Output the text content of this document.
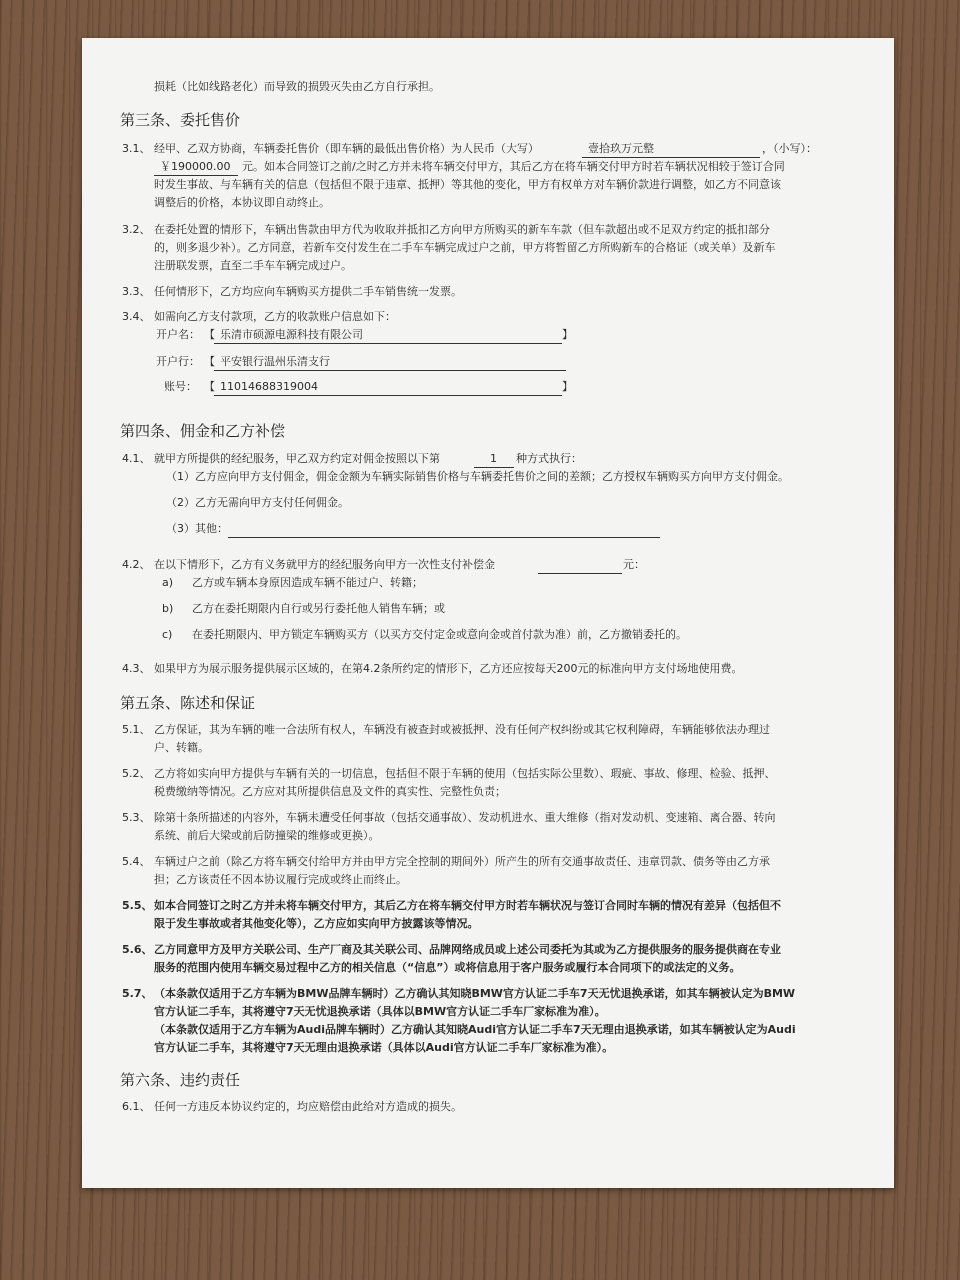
损耗（比如线路老化）而导致的损毁灭失由乙方自行承担。
第三条、委托售价
3.1、 经甲、乙双方协商，车辆委托售价（即车辆的最低出售价格）为人民币（大写）	壹拾玖万元整	，（小写）：
￥190000.00 元。如本合同签订之前/之时乙方并未将车辆交付甲方，其后乙方在将车辆交付甲方时若车辆状况相较于签订合同
时发生事故、与车辆有关的信息（包括但不限于违章、抵押）等其他的变化，甲方有权单方对车辆价款进行调整，如乙方不同意该
调整后的价格，本协议即自动终止。
3.2、 在委托处置的情形下，车辆出售款由甲方代为收取并抵扣乙方向甲方所购买的新车车款（但车款超出或不足双方约定的抵扣部分
的，则多退少补）。乙方同意，若新车交付发生在二手车车辆完成过户之前，甲方将暂留乙方所购新车的合格证（或关单）及新车
注册联发票，直至二手车车辆完成过户。
3.3、 任何情形下，乙方均应向车辆购买方提供二手车销售统一发票。
3.4、 如需向乙方支付款项，乙方的收款账户信息如下：
开户名： 【 乐清市硕源电源科技有限公司	】
开户行： 【 平安银行温州乐清支行
账号： 【 11014688319004	】
第四条、佣金和乙方补偿
4.1、 就甲方所提供的经纪服务，甲乙双方约定对佣金按照以下第	1 种方式执行：
（1）乙方应向甲方支付佣金，佣金金额为车辆实际销售价格与车辆委托售价之间的差额；乙方授权车辆购买方向甲方支付佣金。
（2）乙方无需向甲方支付任何佣金。
（3）其他：
4.2、 在以下情形下，乙方有义务就甲方的经纪服务向甲方一次性支付补偿金	元：
a) 乙方或车辆本身原因造成车辆不能过户、转籍；
b) 乙方在委托期限内自行或另行委托他人销售车辆；或
c) 在委托期限内、甲方锁定车辆购买方（以买方交付定金或意向金或首付款为准）前，乙方撤销委托的。
4.3、 如果甲方为展示服务提供展示区域的，在第4.2条所约定的情形下，乙方还应按每天200元的标准向甲方支付场地使用费。
第五条、陈述和保证
5.1、 乙方保证，其为车辆的唯一合法所有权人，车辆没有被查封或被抵押、没有任何产权纠纷或其它权利障碍，车辆能够依法办理过
户、转籍。
5.2、 乙方将如实向甲方提供与车辆有关的一切信息，包括但不限于车辆的使用（包括实际公里数）、瑕疵、事故、修理、检验、抵押、
税费缴纳等情况。乙方应对其所提供信息及文件的真实性、完整性负责；
5.3、 除第十条所描述的内容外，车辆未遭受任何事故（包括交通事故）、发动机进水、重大维修（指对发动机、变速箱、离合器、转向
系统、前后大梁或前后防撞梁的维修或更换）。
5.4、 车辆过户之前（除乙方将车辆交付给甲方并由甲方完全控制的期间外）所产生的所有交通事故责任、违章罚款、债务等由乙方承
担；乙方该责任不因本协议履行完成或终止而终止。
5.5、 如本合同签订之时乙方并未将车辆交付甲方，其后乙方在将车辆交付甲方时若车辆状况与签订合同时车辆的情况有差异（包括但不
限于发生事故或者其他变化等），乙方应如实向甲方披露该等情况。
5.6、 乙方同意甲方及甲方关联公司、生产厂商及其关联公司、品牌网络成员或上述公司委托为其或为乙方提供服务的服务提供商在专业
服务的范围内使用车辆交易过程中乙方的相关信息（“信息”）或将信息用于客户服务或履行本合同项下的或法定的义务。
5.7、 （本条款仅适用于乙方车辆为BMW品牌车辆时）乙方确认其知晓BMW官方认证二手车7天无忧退换承诺，如其车辆被认定为BMW
官方认证二手车，其将遵守7天无忧退换承诺（具体以BMW官方认证二手车厂家标准为准）。
（本条款仅适用于乙方车辆为Audi品牌车辆时）乙方确认其知晓Audi官方认证二手车7天无理由退换承诺，如其车辆被认定为Audi
官方认证二手车，其将遵守7天无理由退换承诺（具体以Audi官方认证二手车厂家标准为准）。
第六条、违约责任
6.1、 任何一方违反本协议约定的，均应赔偿由此给对方造成的损失。
